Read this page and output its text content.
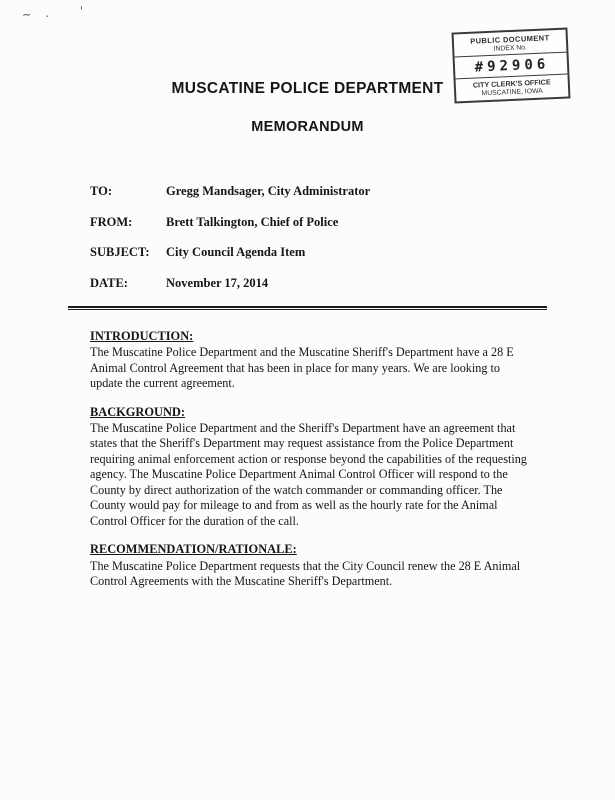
~. '
PUBLIC DOCUMENT
INDEX No.
#92906
CITY CLERK'S OFFICE
MUSCATINE, IOWA
MUSCATINE POLICE DEPARTMENT
MEMORANDUM
TO:	Gregg Mandsager, City Administrator
FROM:	Brett Talkington, Chief of Police
SUBJECT:	City Council Agenda Item
DATE:	November 17, 2014
INTRODUCTION:
The Muscatine Police Department and the Muscatine Sheriff's Department have a 28 E Animal Control Agreement that has been in place for many years. We are looking to update the current agreement.
BACKGROUND:
The Muscatine Police Department and the Sheriff's Department have an agreement that states that the Sheriff's Department may request assistance from the Police Department requiring animal enforcement action or response beyond the capabilities of the requesting agency. The Muscatine Police Department Animal Control Officer will respond to the County by direct authorization of the watch commander or commanding officer. The County would pay for mileage to and from as well as the hourly rate for the Animal Control Officer for the duration of the call.
RECOMMENDATION/RATIONALE:
The Muscatine Police Department requests that the City Council renew the 28 E Animal Control Agreements with the Muscatine Sheriff's Department.
